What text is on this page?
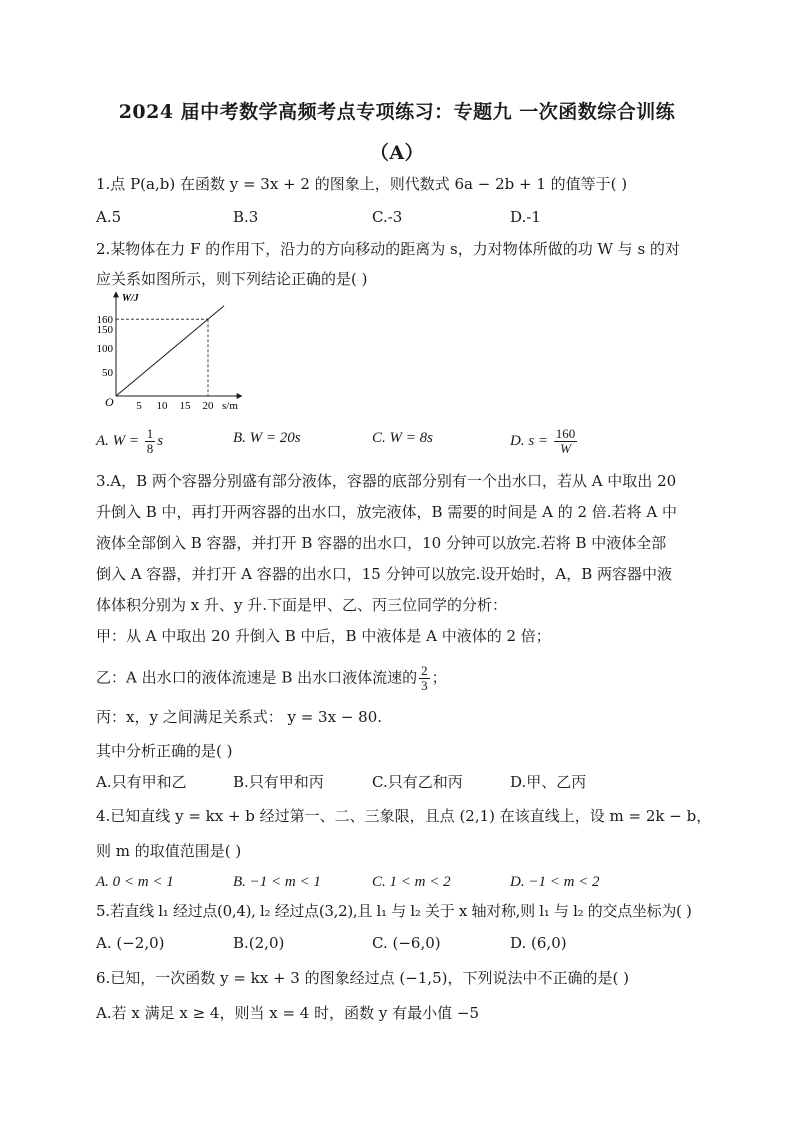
2024 届中考数学高频考点专项练习：专题九 一次函数综合训练
（A）
1.点 P(a,b) 在函数 y = 3x + 2 的图象上，则代数式 6a − 2b + 1 的值等于( )
A.5	B.3	C.-3	D.-1
2.某物体在力 F 的作用下，沿力的方向移动的距离为 s，力对物体所做的功 W 与 s 的对
应关系如图所示，则下列结论正确的是( )
W/J
s/m
O
160
150
100
50
5 10 15 20
A. $W = \frac{1}{8}$ s	B. W = 20s	C. W = 8s	D. $s = \frac{160}{W}$
3.A，B 两个容器分别盛有部分液体，容器的底部分别有一个出水口，若从 A 中取出 20
升倒入 B 中，再打开两容器的出水口，放完液体，B 需要的时间是 A 的 2 倍.若将 A 中
液体全部倒入 B 容器，并打开 B 容器的出水口，10 分钟可以放完.若将 B 中液体全部
倒入 A 容器，并打开 A 容器的出水口，15 分钟可以放完.设开始时，A，B 两容器中液
体体积分别为 x 升、y 升.下面是甲、乙、丙三位同学的分析：
甲：从 A 中取出 20 升倒入 B 中后，B 中液体是 A 中液体的 2 倍；
乙：A 出水口的液体流速是 B 出水口液体流速的 $\frac{2}{3}$ ；
丙：x，y 之间满足关系式： y = 3x − 80.
其中分析正确的是( )
A.只有甲和乙	B.只有甲和丙	C.只有乙和丙	D.甲、乙丙
4.已知直线 y = kx + b 经过第一、二、三象限，且点 (2,1) 在该直线上，设 m = 2k − b，
则 m 的取值范围是( )
A. 0 < m < 1	B. −1 < m < 1	C. 1 < m < 2	D. −1 < m < 2
5.若直线 l₁ 经过点(0,4), l₂ 经过点(3,2),且 l₁ 与 l₂ 关于 x 轴对称,则 l₁ 与 l₂ 的交点坐标为( )
A. (−2,0)	B.(2,0)	C. (−6,0)	D. (6,0)
6.已知，一次函数 y = kx + 3 的图象经过点 (−1,5)，下列说法中不正确的是( )
A.若 x 满足 x ≥ 4，则当 x = 4 时，函数 y 有最小值 −5
